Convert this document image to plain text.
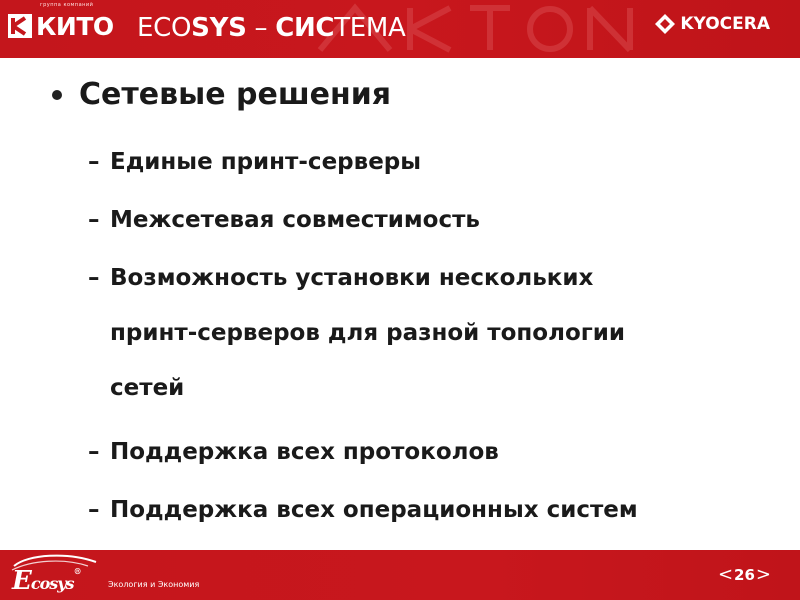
КИТО
группа компаний
ECOSYS – СИСТЕМА	KYOCERA
Сетевые решения
– Единые принт-серверы
– Межсетевая совместимость
– Возможность установки нескольких принт-серверов для разной топологии сетей
– Поддержка всех протоколов
– Поддержка всех операционных систем
Ecosys®
Экология и Экономия	< 26 >
